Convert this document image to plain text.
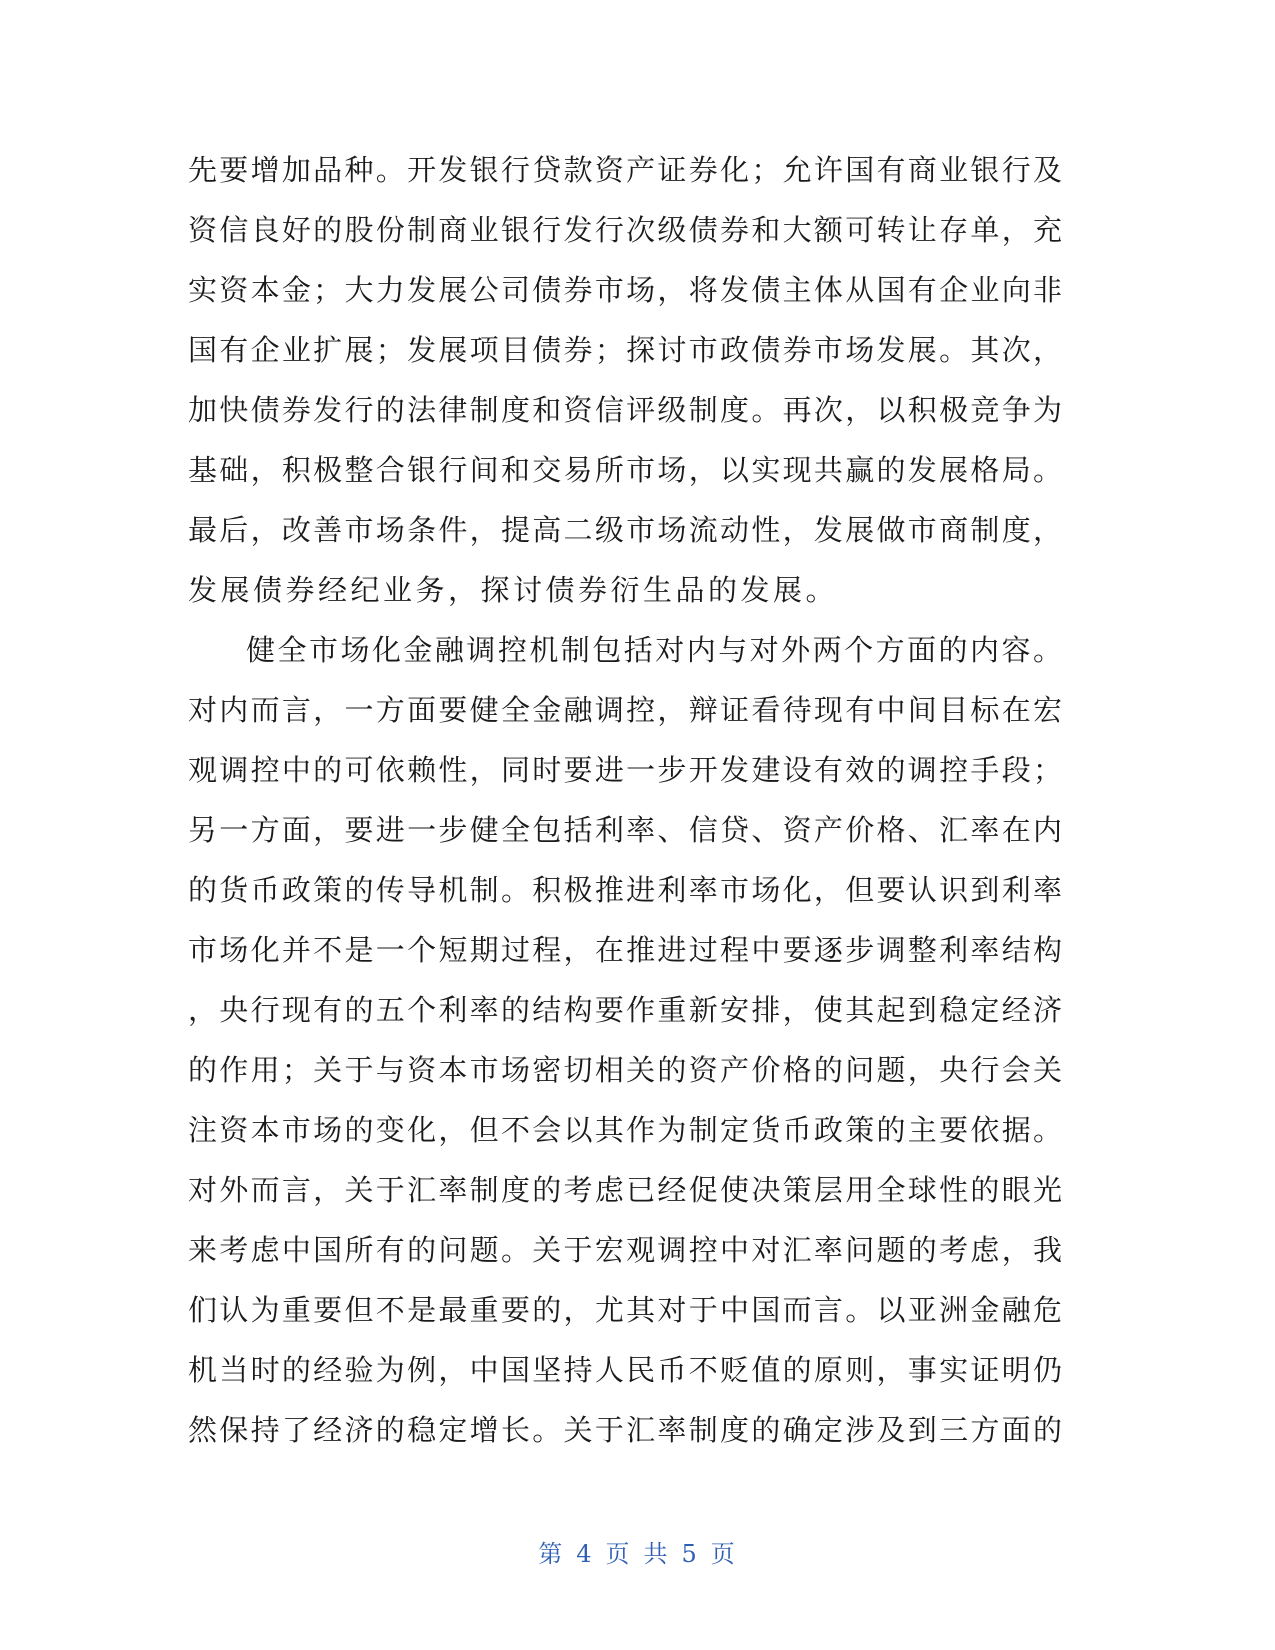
先要增加品种。开发银行贷款资产证券化；允许国有商业银行及
资信良好的股份制商业银行发行次级债券和大额可转让存单，充
实资本金；大力发展公司债券市场，将发债主体从国有企业向非
国有企业扩展；发展项目债券；探讨市政债券市场发展。其次，
加快债券发行的法律制度和资信评级制度。再次，以积极竞争为
基础，积极整合银行间和交易所市场，以实现共赢的发展格局。
最后，改善市场条件，提高二级市场流动性，发展做市商制度，
发展债券经纪业务，探讨债券衍生品的发展。
健全市场化金融调控机制包括对内与对外两个方面的内容。
对内而言，一方面要健全金融调控，辩证看待现有中间目标在宏
观调控中的可依赖性，同时要进一步开发建设有效的调控手段；
另一方面，要进一步健全包括利率、信贷、资产价格、汇率在内
的货币政策的传导机制。积极推进利率市场化，但要认识到利率
市场化并不是一个短期过程，在推进过程中要逐步调整利率结构
，央行现有的五个利率的结构要作重新安排，使其起到稳定经济
的作用；关于与资本市场密切相关的资产价格的问题，央行会关
注资本市场的变化，但不会以其作为制定货币政策的主要依据。
对外而言，关于汇率制度的考虑已经促使决策层用全球性的眼光
来考虑中国所有的问题。关于宏观调控中对汇率问题的考虑，我
们认为重要但不是最重要的，尤其对于中国而言。以亚洲金融危
机当时的经验为例，中国坚持人民币不贬值的原则，事实证明仍
然保持了经济的稳定增长。关于汇率制度的确定涉及到三方面的
第 4 页 共 5 页
